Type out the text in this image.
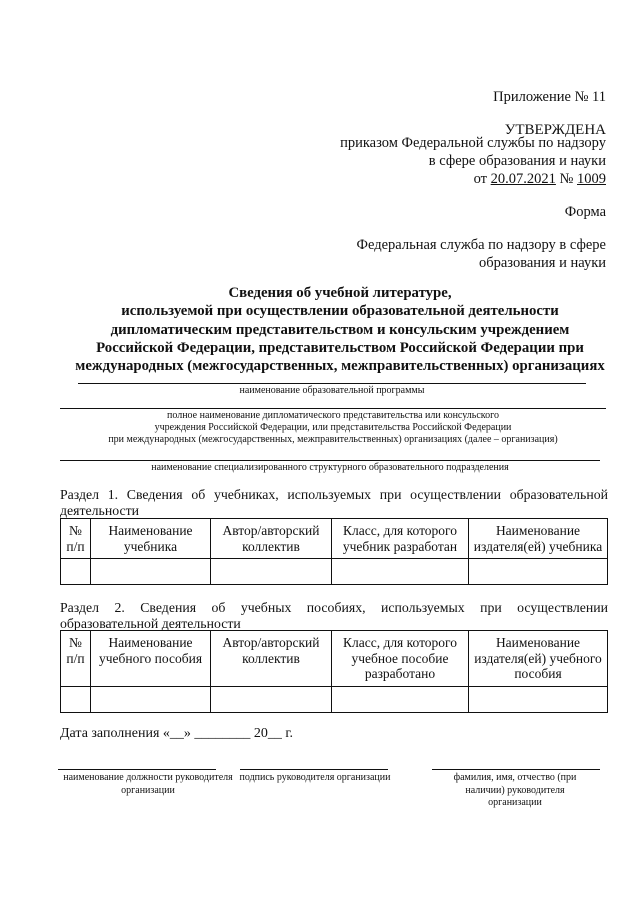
Приложение № 11
УТВЕРЖДЕНА
приказом Федеральной службы по надзору
в сфере образования и науки
от 20.07.2021 № 1009
Форма
Федеральная служба по надзору в сфере
образования и науки
Сведения об учебной литературе,
используемой при осуществлении образовательной деятельности
дипломатическим представительством и консульским учреждением
Российской Федерации, представительством Российской Федерации при
международных (межгосударственных, межправительственных) организациях
наименование образовательной программы
полное наименование дипломатического представительства или консульского
учреждения Российской Федерации, или представительства Российской Федерации
при международных (межгосударственных, межправительственных) организациях (далее – организация)
наименование специализированного структурного образовательного подразделения
Раздел 1. Сведения об учебниках, используемых при осуществлении образовательной деятельности
№ п/п	Наименование учебника	Автор/авторский коллектив	Класс, для которого учебник разработан	Наименование издателя(ей) учебника

Раздел 2. Сведения об учебных пособиях, используемых при осуществлении образовательной деятельности
№ п/п	Наименование учебного пособия	Автор/авторский коллектив	Класс, для которого учебное пособие разработано	Наименование издателя(ей) учебного пособия

Дата заполнения «__» ________ 20__ г.
наименование должности руководителя организации
подпись руководителя организации	фамилия, имя, отчество (при наличии) руководителя организации
